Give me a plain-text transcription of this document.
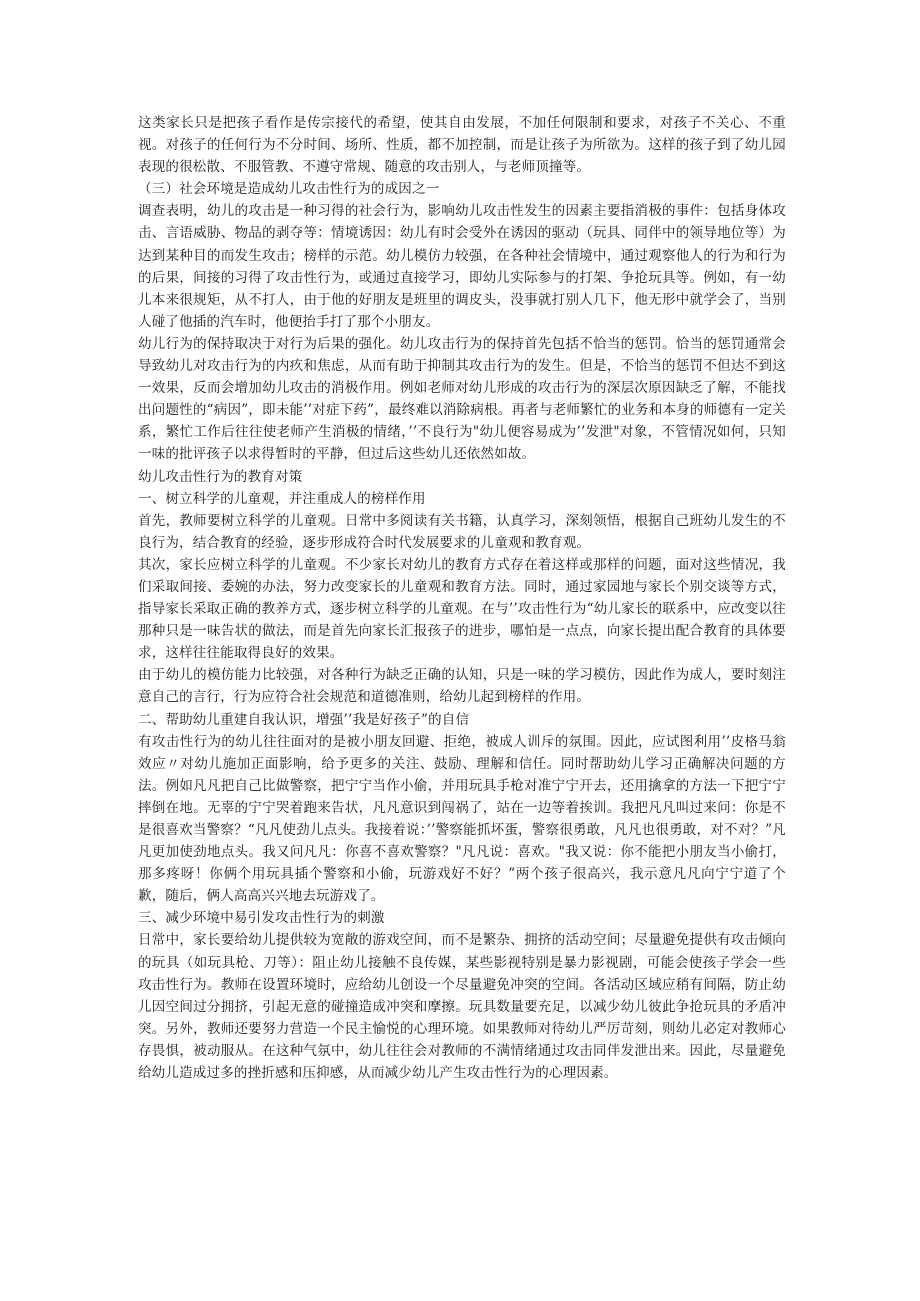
这类家长只是把孩子看作是传宗接代的希望，使其自由发展，不加任何限制和要求，对孩子不关心、不重视。对孩子的任何行为不分时间、场所、性质，都不加控制，而是让孩子为所欲为。这样的孩子到了幼儿园表现的很松散、不服管教、不遵守常规、随意的攻击别人，与老师顶撞等。

（三）社会环境是造成幼儿攻击性行为的成因之一

调查表明，幼儿的攻击是一种习得的社会行为，影响幼儿攻击性发生的因素主要指消极的事件：包括身体攻击、言语威胁、物品的剥夺等：情境诱因：幼儿有时会受外在诱因的驱动（玩具、同伴中的领导地位等）为达到某种目的而发生攻击；榜样的示范。幼儿模仿力较强，在各种社会情境中，通过观察他人的行为和行为的后果，间接的习得了攻击性行为，或通过直接学习，即幼儿实际参与的打架、争抢玩具等。例如，有一幼儿本来很规矩，从不打人，由于他的好朋友是班里的调皮头，没事就打别人几下，他无形中就学会了，当别人碰了他插的汽车时，他便抬手打了那个小朋友。

幼儿行为的保持取决于对行为后果的强化。幼儿攻击行为的保持首先包括不恰当的惩罚。恰当的惩罚通常会导致幼儿对攻击行为的内疚和焦虑，从而有助于抑制其攻击行为的发生。但是，不恰当的惩罚不但达不到这一效果，反而会增加幼儿攻击的消极作用。例如老师对幼儿形成的攻击行为的深层次原因缺乏了解，不能找出问题性的“病因”，即未能’’对症下药”，最终难以消除病根。再者与老师繁忙的业务和本身的师德有一定关系，繁忙工作后往往使老师产生消极的情绪，’’不良行为"幼儿便容易成为’’发泄"对象，不管情况如何，只知一味的批评孩子以求得暂时的平静，但过后这些幼儿还依然如故。

幼儿攻击性行为的教育对策

一、树立科学的儿童观，并注重成人的榜样作用

首先，教师要树立科学的儿童观。日常中多阅读有关书籍，认真学习，深刻领悟，根据自己班幼儿发生的不良行为，结合教育的经验，逐步形成符合时代发展要求的儿童观和教育观。

其次，家长应树立科学的儿童观。不少家长对幼儿的教育方式存在着这样或那样的问题，面对这些情况，我们采取间接、委婉的办法，努力改变家长的儿童观和教育方法。同时，通过家园地与家长个别交谈等方式，指导家长采取正确的教养方式，逐步树立科学的儿童观。在与’’攻击性行为“幼儿家长的联系中，应改变以往那种只是一味告状的做法，而是首先向家长汇报孩子的进步，哪怕是一点点，向家长提出配合教育的具体要求，这样往往能取得良好的效果。

由于幼儿的模仿能力比较强，对各种行为缺乏正确的认知，只是一味的学习模仿，因此作为成人，要时刻注意自己的言行，行为应符合社会规范和道德准则，给幼儿起到榜样的作用。

二、帮助幼儿重建自我认识，增强’’我是好孩子”的自信

有攻击性行为的幼儿往往面对的是被小朋友回避、拒绝，被成人训斥的氛围。因此，应试图利用’’皮格马翁效应〃对幼儿施加正面影响，给予更多的关注、鼓励、理解和信任。同时帮助幼儿学习正确解决问题的方法。例如凡凡把自己比做警察，把宁宁当作小偷，并用玩具手枪对准宁宁开去，还用擒拿的方法一下把宁宁摔倒在地。无辜的宁宁哭着跑来告状，凡凡意识到闯祸了，站在一边等着挨训。我把凡凡叫过来问：你是不是很喜欢当警察？“凡凡使劲儿点头。我接着说：’’警察能抓坏蛋，警察很勇敢，凡凡也很勇敢，对不对？”凡凡更加使劲地点头。我又问凡凡：你喜不喜欢警察？"凡凡说：喜欢。"我又说：你不能把小朋友当小偷打，那多疼呀！你俩个用玩具插个警察和小偷，玩游戏好不好？”两个孩子很高兴，我示意凡凡向宁宁道了个歉，随后，俩人高高兴兴地去玩游戏了。

三、减少环境中易引发攻击性行为的刺激

日常中，家长要给幼儿提供较为宽敞的游戏空间，而不是繁杂、拥挤的活动空间；尽量避免提供有攻击倾向的玩具（如玩具枪、刀等）：阻止幼儿接触不良传媒，某些影视特别是暴力影视剧，可能会使孩子学会一些攻击性行为。教师在设置环境时，应给幼儿创设一个尽量避免冲突的空间。各活动区域应稍有间隔，防止幼儿因空间过分拥挤，引起无意的碰撞造成冲突和摩擦。玩具数量要充足，以减少幼儿彼此争抢玩具的矛盾冲突。另外，教师还要努力营造一个民主愉悦的心理环境。如果教师对待幼儿严厉苛刻，则幼儿必定对教师心存畏惧，被动服从。在这种气氛中，幼儿往往会对教师的不满情绪通过攻击同伴发泄出来。因此，尽量避免给幼儿造成过多的挫折感和压抑感，从而减少幼儿产生攻击性行为的心理因素。
